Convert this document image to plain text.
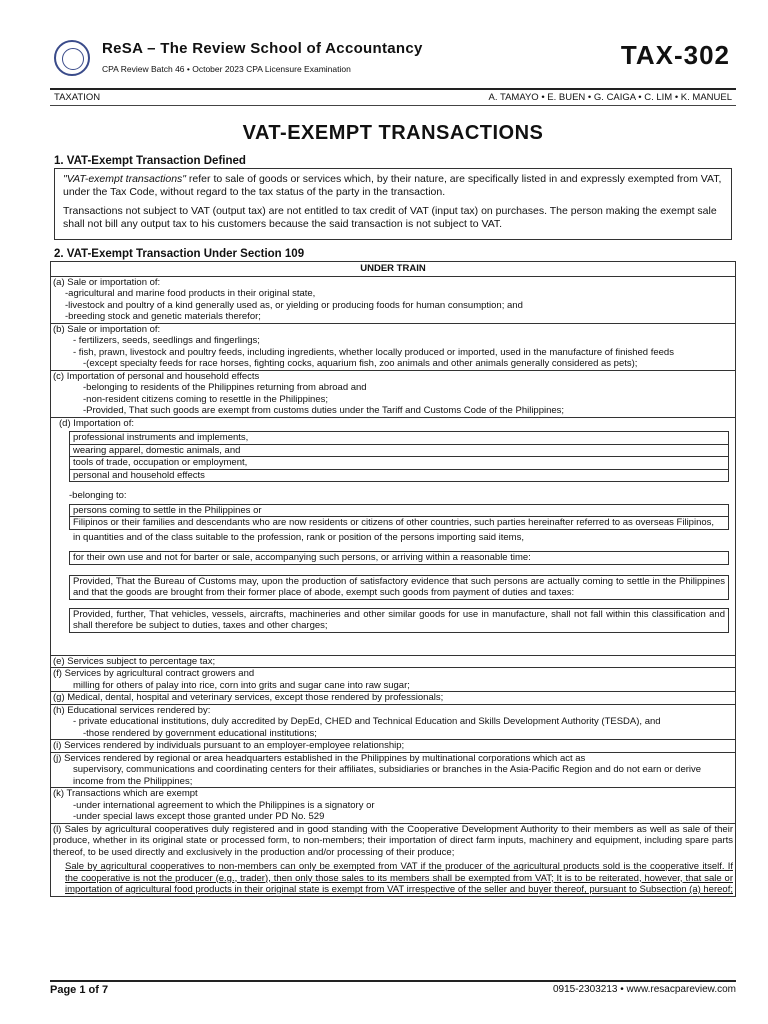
ReSA – The Review School of Accountancy
CPA Review Batch 46 • October 2023 CPA Licensure Examination	TAX-302
TAXATION	A. TAMAYO • E. BUEN • G. CAIGA • C. LIM • K. MANUEL
VAT-EXEMPT TRANSACTIONS
1. VAT-Exempt Transaction Defined

"VAT-exempt transactions" refer to sale of goods or services which, by their nature, are specifically listed in and expressly exempted from VAT, under the Tax Code, without regard to the tax status of the party in the transaction.

Transactions not subject to VAT (output tax) are not entitled to tax credit of VAT (input tax) on purchases. The person making the exempt sale shall not bill any output tax to his customers because the said transaction is not subject to VAT.

2. VAT-Exempt Transaction Under Section 109
UNDER TRAIN
(a) Sale or importation of:
-agricultural and marine food products in their original state,
-livestock and poultry of a kind generally used as, or yielding or producing foods for human consumption; and
-breeding stock and genetic materials therefor;
(b) Sale or importation of:
- fertilizers, seeds, seedlings and fingerlings;
- fish, prawn, livestock and poultry feeds, including ingredients, whether locally produced or imported, used in the manufacture of finished feeds
-(except specialty feeds for race horses, fighting cocks, aquarium fish, zoo animals and other animals generally considered as pets);
(c) Importation of personal and household effects
-belonging to residents of the Philippines returning from abroad and
-non-resident citizens coming to resettle in the Philippines;
-Provided, That such goods are exempt from customs duties under the Tariff and Customs Code of the Philippines;
(d) Importation of:
professional instruments and implements,
wearing apparel, domestic animals, and
tools of trade, occupation or employment,
personal and household effects
-belonging to:
persons coming to settle in the Philippines or
Filipinos or their families and descendants who are now residents or citizens of other countries, such parties hereinafter referred to as overseas Filipinos,
in quantities and of the class suitable to the profession, rank or position of the persons importing said items,
for their own use and not for barter or sale, accompanying such persons, or arriving within a reasonable time:
Provided, That the Bureau of Customs may, upon the production of satisfactory evidence that such persons are actually coming to settle in the Philippines and that the goods are brought from their former place of abode, exempt such goods from payment of duties and taxes:
Provided, further, That vehicles, vessels, aircrafts, machineries and other similar goods for use in manufacture, shall not fall within this classification and shall therefore be subject to duties, taxes and other charges;
(e) Services subject to percentage tax;
(f) Services by agricultural contract growers and
milling for others of palay into rice, corn into grits and sugar cane into raw sugar;
(g) Medical, dental, hospital and veterinary services, except those rendered by professionals;
(h) Educational services rendered by:
- private educational institutions, duly accredited by DepEd, CHED and Technical Education and Skills Development Authority (TESDA), and
-those rendered by government educational institutions;
(i) Services rendered by individuals pursuant to an employer-employee relationship;
(j) Services rendered by regional or area headquarters established in the Philippines by multinational corporations which act as
supervisory, communications and coordinating centers for their affiliates, subsidiaries or branches in the Asia-Pacific Region and do not earn or derive income from the Philippines;
(k) Transactions which are exempt
-under international agreement to which the Philippines is a signatory or
-under special laws except those granted under PD No. 529
(l) Sales by agricultural cooperatives duly registered and in good standing with the Cooperative Development Authority to their members as well as sale of their produce, whether in its original state or processed form, to non-members; their importation of direct farm inputs, machinery and equipment, including spare parts thereof, to be used directly and exclusively in the production and/or processing of their produce;
Sale by agricultural cooperatives to non-members can only be exempted from VAT if the producer of the agricultural products sold is the cooperative itself. If the cooperative is not the producer (e.g., trader), then only those sales to its members shall be exempted from VAT; It is to be reiterated, however, that sale or importation of agricultural food products in their original state is exempt from VAT irrespective of the seller and buyer thereof, pursuant to Subsection (a) hereof;
Page 1 of 7	0915-2303213 • www.resacpareview.com
